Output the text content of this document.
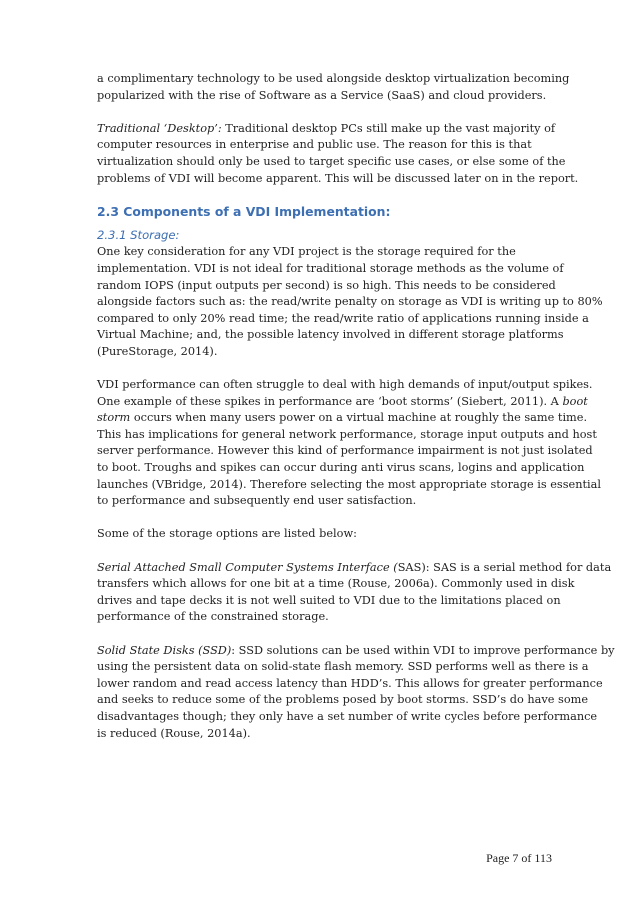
a complimentary technology to be used alongside desktop virtualization becoming
popularized with the rise of Software as a Service (SaaS) and cloud providers.

Traditional ‘Desktop’: Traditional desktop PCs still make up the vast majority of
computer resources in enterprise and public use. The reason for this is that
virtualization should only be used to target specific use cases, or else some of the
problems of VDI will become apparent. This will be discussed later on in the report.

2.3 Components of a VDI Implementation:
2.3.1 Storage:

One key consideration for any VDI project is the storage required for the
implementation. VDI is not ideal for traditional storage methods as the volume of
random IOPS (input outputs per second) is so high. This needs to be considered
alongside factors such as: the read/write penalty on storage as VDI is writing up to 80%
compared to only 20% read time; the read/write ratio of applications running inside a
Virtual Machine; and, the possible latency involved in different storage platforms
(PureStorage, 2014).

VDI performance can often struggle to deal with high demands of input/output spikes.
One example of these spikes in performance are ‘boot storms’ (Siebert, 2011). A boot
storm occurs when many users power on a virtual machine at roughly the same time.
This has implications for general network performance, storage input outputs and host
server performance. However this kind of performance impairment is not just isolated
to boot. Troughs and spikes can occur during anti virus scans, logins and application
launches (VBridge, 2014). Therefore selecting the most appropriate storage is essential
to performance and subsequently end user satisfaction.

Some of the storage options are listed below:

Serial Attached Small Computer Systems Interface (SAS): SAS is a serial method for data
transfers which allows for one bit at a time (Rouse, 2006a). Commonly used in disk
drives and tape decks it is not well suited to VDI due to the limitations placed on
performance of the constrained storage.

Solid State Disks (SSD): SSD solutions can be used within VDI to improve performance by
using the persistent data on solid-state flash memory. SSD performs well as there is a
lower random and read access latency than HDD’s. This allows for greater performance
and seeks to reduce some of the problems posed by boot storms. SSD’s do have some
disadvantages though; they only have a set number of write cycles before performance
is reduced (Rouse, 2014a).

Page 7 of 113
